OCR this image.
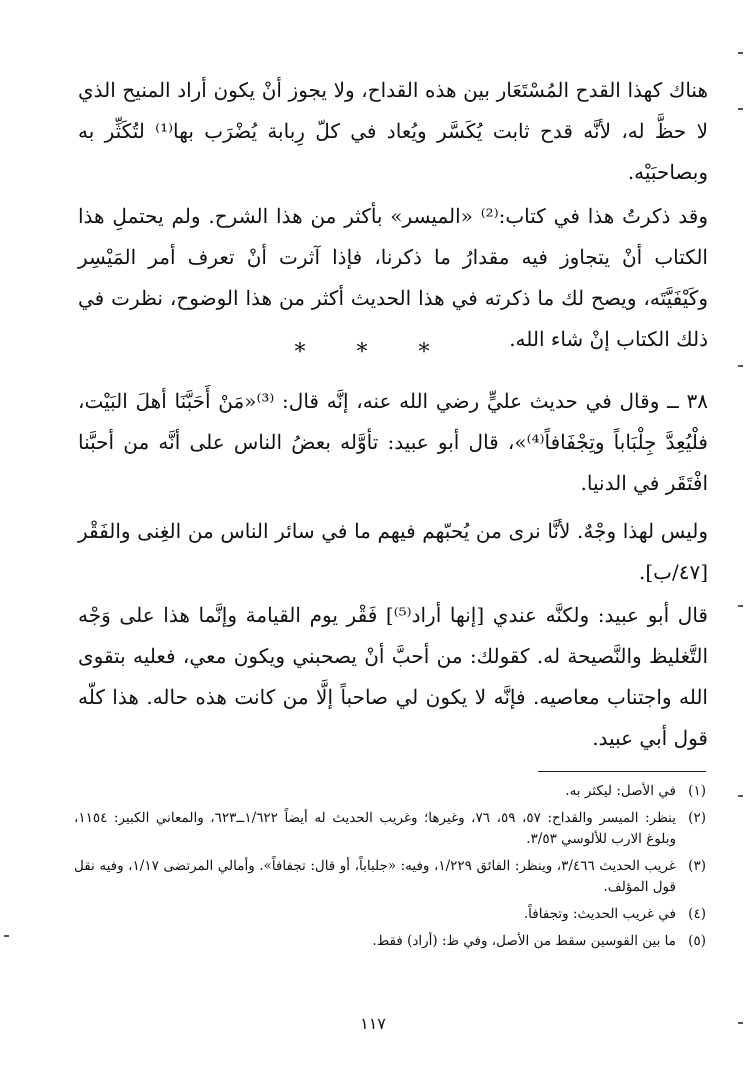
هناك كهذا القدح المُسْتَعَار بين هذه القداح، ولا يجوز أنْ يكون أراد المنيح الذي لا حظَّ له، لأنَّه قدح ثابت يُكَسَّر ويُعاد في كلّ رِبابة يُضْرَب بها⁽¹⁾ لتُكَثِّر به وبصاحبَيْه.

وقد ذكرتُ هذا في كتاب:⁽²⁾ «الميسر» بأكثر من هذا الشرح. ولم يحتملِ هذا الكتاب أنْ يتجاوز فيه مقدارُ ما ذكرنا، فإذا آثرت أنْ تعرف أمر المَيْسِر وكَيْفَيَّتَه، ويصح لك ما ذكرته في هذا الحديث أكثر من هذا الوضوح، نظرت في ذلك الكتاب إنْ شاء الله.

* * *

٣٨ ــ وقال في حديث عليٍّ رضي الله عنه، إنَّه قال: ⁽³⁾«مَنْ أَحَبَّنَا أهلَ البَيْت، فلْيُعِدَّ جِلْبَاباً وتِجْفَافاً⁽⁴⁾»، قال أبو عبيد: تأوَّله بعضُ الناس على أنَّه من أحبَّنا افْتَقَر في الدنيا.

وليس لهذا وجْهٌ. لأنَّا نرى من يُحبّهم فيهم ما في سائر الناس من الغِنى والفَقْر [٤٧/ب].

قال أبو عبيد: ولكنَّه عندي [إنها أراد⁽⁵⁾] فَقْر يوم القيامة وإنَّما هذا على وَجْه التَّغليظ والنَّصيحة له. كقولك: من أحبَّ أنْ يصحبني ويكون معي، فعليه بتقوى الله واجتناب معاصيه. فإنَّه لا يكون لي صاحباً إلَّا من كانت هذه حاله. هذا كلّه قول أبي عبيد.

(١)
في الأصل: ليكثر به.
(٢)
ينظر: الميسر والقداح: ٥٧، ٥٩، ٧٦، وغيرها؛ وغريب الحديث له أيضاً ١/٦٢٢ــ٦٢٣، والمعاني الكبير: ١١٥٤، وبلوغ الارب للألوسي ٣/٥٣.
(٣)
غريب الحديث ٣/٤٦٦، وينظر: الفائق ١/٢٢٩، وفيه: «جلباباً، أو قال: تجفافاً». وأمالي المرتضى ١/١٧، وفيه نقل قول المؤلف.
(٤)
في غريب الحديث: وتجفافاً.
(٥)
ما بين القوسين سقط من الأصل، وفي ظ: (أراد) فقط.
١١٧
